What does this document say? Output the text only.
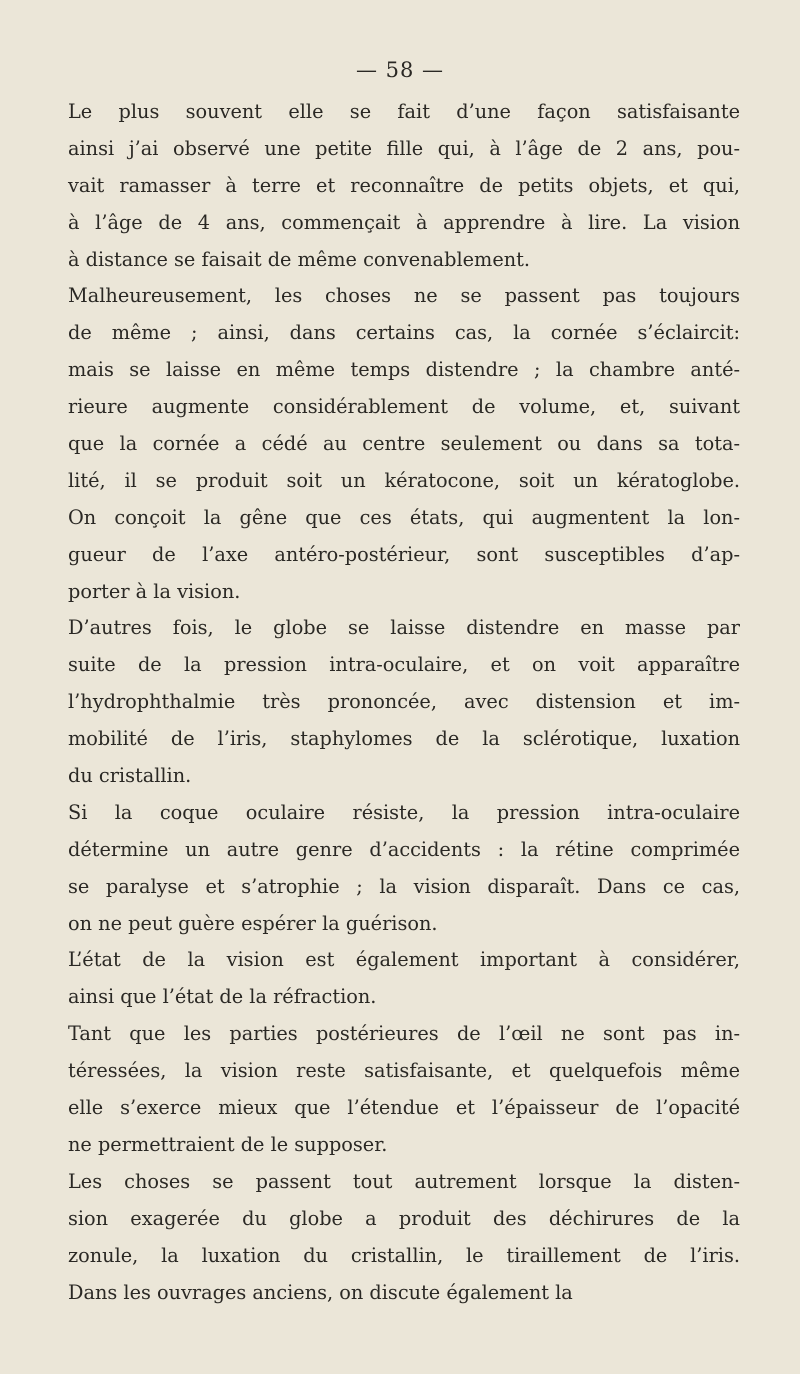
— 58 —
Le plus souvent elle se fait d’une façon satisfaisante
ainsi j’ai observé une petite fille qui, à l’âge de 2 ans, pou-
vait ramasser à terre et reconnaître de petits objets, et qui,
à l’âge de 4 ans, commençait à apprendre à lire. La vision
à distance se faisait de même convenablement.
Malheureusement, les choses ne se passent pas toujours
de même ; ainsi, dans certains cas, la cornée s’éclaircit:
mais se laisse en même temps distendre ; la chambre anté-
rieure augmente considérablement de volume, et, suivant
que la cornée a cédé au centre seulement ou dans sa tota-
lité, il se produit soit un kératocone, soit un kératoglobe.
On conçoit la gêne que ces états, qui augmentent la lon-
gueur de l’axe antéro-postérieur, sont susceptibles d’ap-
porter à la vision.
D’autres fois, le globe se laisse distendre en masse par
suite de la pression intra-oculaire, et on voit apparaître
l’hydrophthalmie très prononcée, avec distension et im-
mobilité de l’iris, staphylomes de la sclérotique, luxation
du cristallin.
Si la coque oculaire résiste, la pression intra-oculaire
détermine un autre genre d’accidents : la rétine comprimée
se paralyse et s’atrophie ; la vision disparaît. Dans ce cas,
on ne peut guère espérer la guérison.
L’état de la vision est également important à considérer,
ainsi que l’état de la réfraction.
Tant que les parties postérieures de l’œil ne sont pas in-
téressées, la vision reste satisfaisante, et quelquefois même
elle s’exerce mieux que l’étendue et l’épaisseur de l’opacité
ne permettraient de le supposer.
Les choses se passent tout autrement lorsque la disten-
sion exagerée du globe a produit des déchirures de la
zonule, la luxation du cristallin, le tiraillement de l’iris.
Dans les ouvrages anciens, on discute également la
